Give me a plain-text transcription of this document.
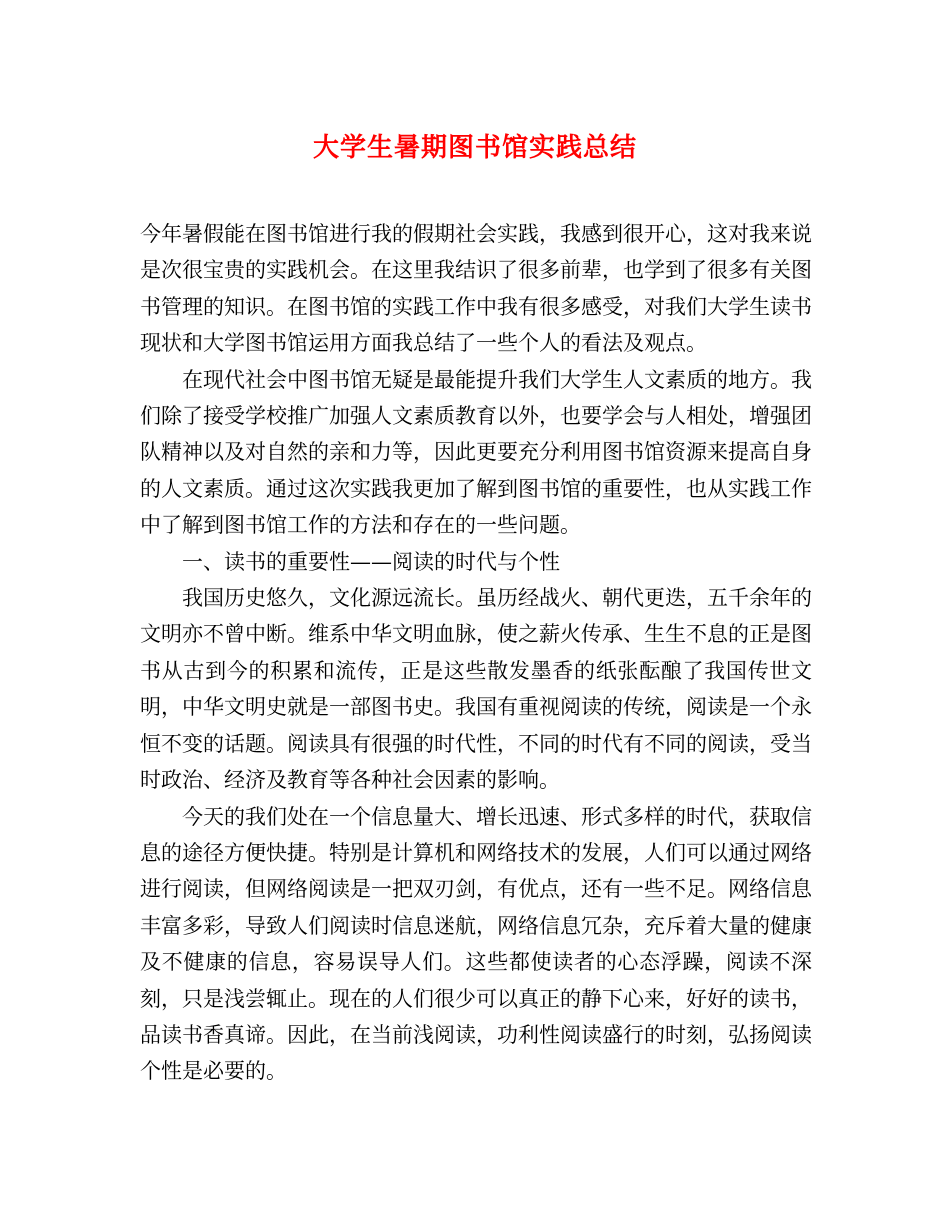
大学生暑期图书馆实践总结

今年暑假能在图书馆进行我的假期社会实践，我感到很开心，这对我来说是次很宝贵的实践机会。在这里我结识了很多前辈，也学到了很多有关图书管理的知识。在图书馆的实践工作中我有很多感受，对我们大学生读书现状和大学图书馆运用方面我总结了一些个人的看法及观点。

在现代社会中图书馆无疑是最能提升我们大学生人文素质的地方。我们除了接受学校推广加强人文素质教育以外，也要学会与人相处，增强团队精神以及对自然的亲和力等，因此更要充分利用图书馆资源来提高自身的人文素质。通过这次实践我更加了解到图书馆的重要性，也从实践工作中了解到图书馆工作的方法和存在的一些问题。

一、读书的重要性——阅读的时代与个性

我国历史悠久，文化源远流长。虽历经战火、朝代更迭，五千余年的文明亦不曾中断。维系中华文明血脉，使之薪火传承、生生不息的正是图书从古到今的积累和流传，正是这些散发墨香的纸张酝酿了我国传世文明，中华文明史就是一部图书史。我国有重视阅读的传统，阅读是一个永恒不变的话题。阅读具有很强的时代性，不同的时代有不同的阅读，受当时政治、经济及教育等各种社会因素的影响。

今天的我们处在一个信息量大、增长迅速、形式多样的时代，获取信息的途径方便快捷。特别是计算机和网络技术的发展，人们可以通过网络进行阅读，但网络阅读是一把双刃剑，有优点，还有一些不足。网络信息丰富多彩，导致人们阅读时信息迷航，网络信息冗杂，充斥着大量的健康及不健康的信息，容易误导人们。这些都使读者的心态浮躁，阅读不深刻，只是浅尝辄止。现在的人们很少可以真正的静下心来，好好的读书，品读书香真谛。因此，在当前浅阅读，功利性阅读盛行的时刻，弘扬阅读个性是必要的。
